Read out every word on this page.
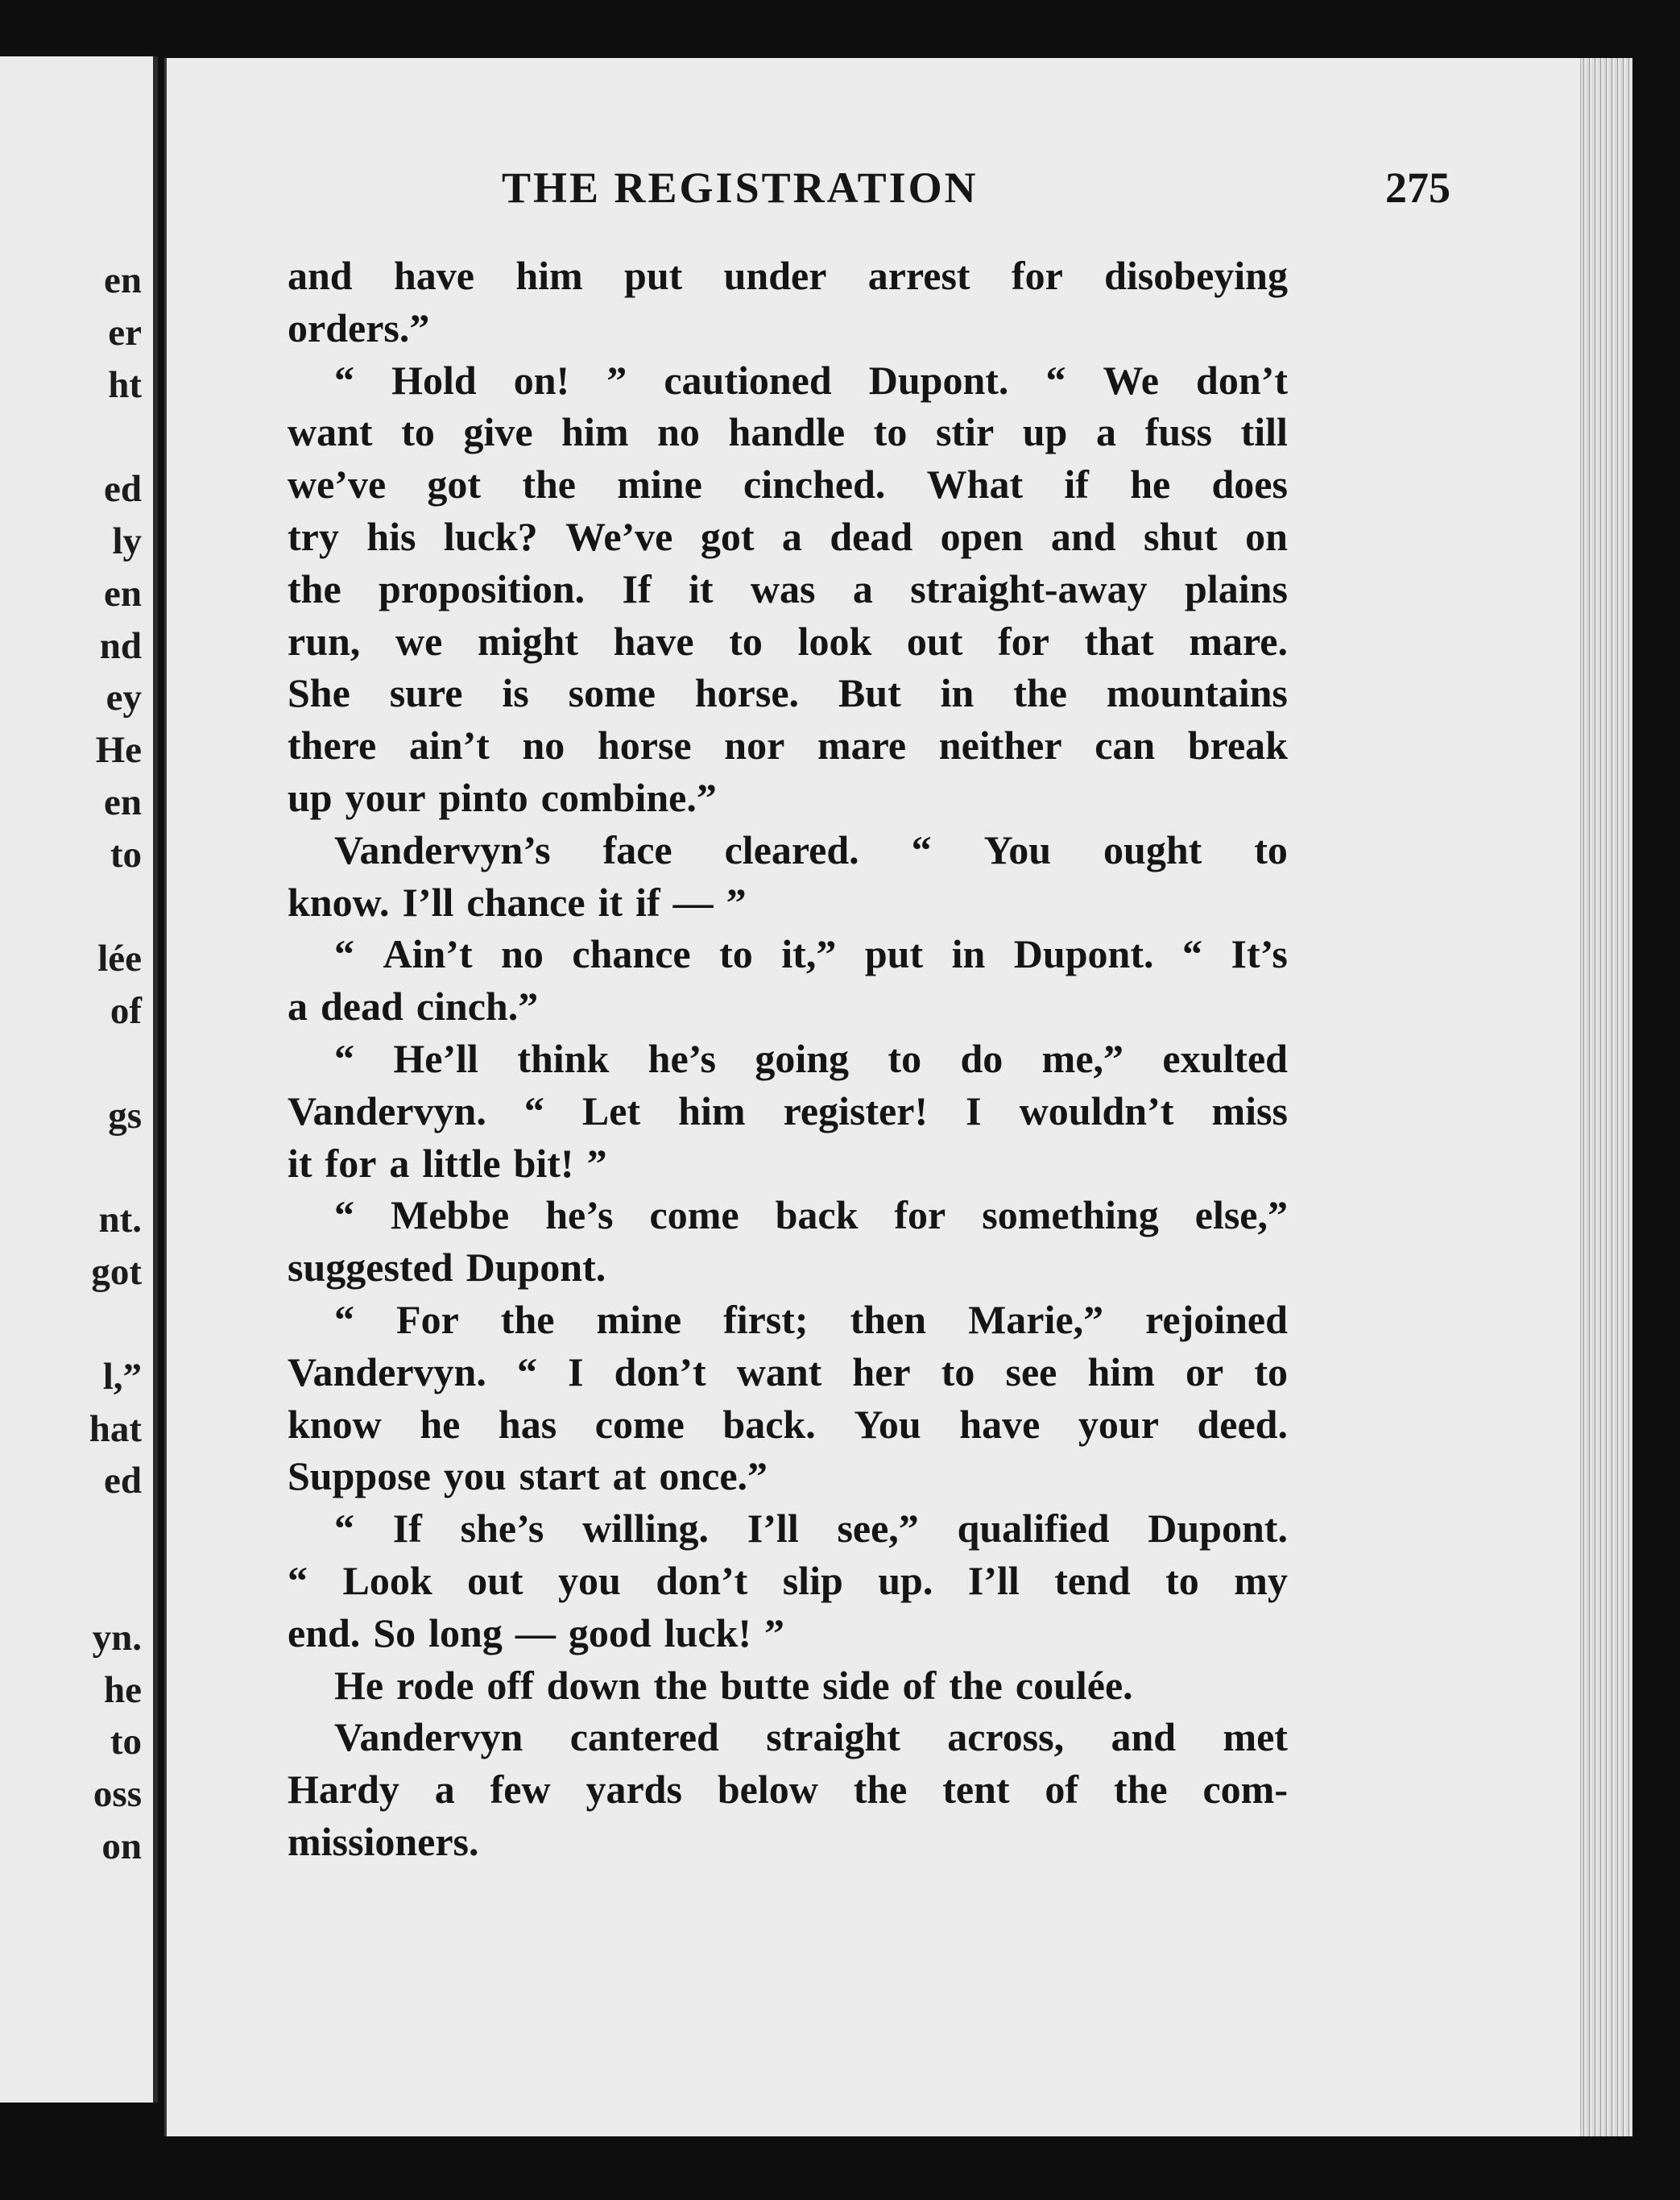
en
er
ht
ed
ly
en
nd
ey
He
en
to
lée
of
gs
nt.
got
l,”
hat
ed
yn.
he
to
oss
on
THE REGISTRATION	275
and have him put under arrest for disobeying
orders.”
“ Hold on! ” cautioned Dupont. “ We don’t
want to give him no handle to stir up a fuss till
we’ve got the mine cinched. What if he does
try his luck? We’ve got a dead open and shut on
the proposition. If it was a straight-away plains
run, we might have to look out for that mare.
She sure is some horse. But in the mountains
there ain’t no horse nor mare neither can break
up your pinto combine.”
Vandervyn’s face cleared. “ You ought to
know. I’ll chance it if — ”
“ Ain’t no chance to it,” put in Dupont. “ It’s
a dead cinch.”
“ He’ll think he’s going to do me,” exulted
Vandervyn. “ Let him register! I wouldn’t miss
it for a little bit! ”
“ Mebbe he’s come back for something else,”
suggested Dupont.
“ For the mine first; then Marie,” rejoined
Vandervyn. “ I don’t want her to see him or to
know he has come back. You have your deed.
Suppose you start at once.”
“ If she’s willing. I’ll see,” qualified Dupont.
“ Look out you don’t slip up. I’ll tend to my
end. So long — good luck! ”
He rode off down the butte side of the coulée.
Vandervyn cantered straight across, and met
Hardy a few yards below the tent of the com-
missioners.
